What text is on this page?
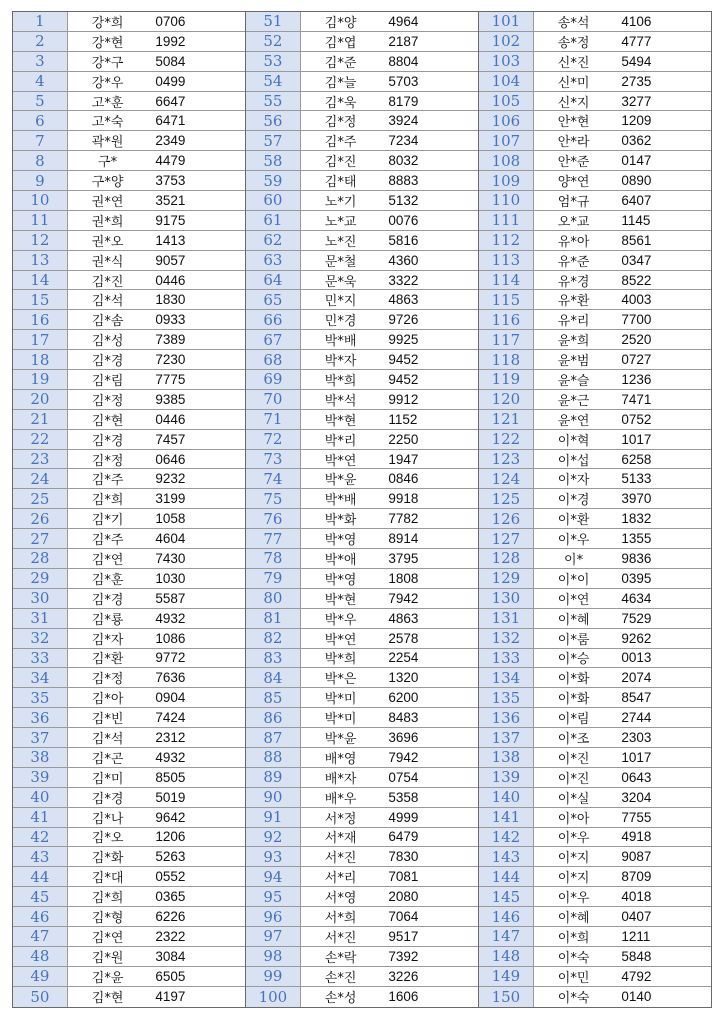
1	강*희	0706
2	강*현	1992
3	강*구	5084
4	강*우	0499
5	고*훈	6647
6	고*숙	6471
7	곽*원	2349
8	구*	4479
9	구*양	3753
10	권*연	3521
11	권*희	9175
12	권*오	1413
13	권*식	9057
14	김*진	0446
15	김*석	1830
16	김*솜	0933
17	김*성	7389
18	김*경	7230
19	김*림	7775
20	김*정	9385
21	김*현	0446
22	김*경	7457
23	김*정	0646
24	김*주	9232
25	김*희	3199
26	김*기	1058
27	김*주	4604
28	김*연	7430
29	김*훈	1030
30	김*경	5587
31	김*룡	4932
32	김*자	1086
33	김*환	9772
34	김*정	7636
35	김*아	0904
36	김*빈	7424
37	김*석	2312
38	김*곤	4932
39	김*미	8505
40	김*경	5019
41	김*나	9642
42	김*오	1206
43	김*화	5263
44	김*대	0552
45	김*희	0365
46	김*형	6226
47	김*연	2322
48	김*원	3084
49	김*윤	6505
50	김*현	4197
51	김*양	4964
52	김*엽	2187
53	김*준	8804
54	김*늘	5703
55	김*욱	8179
56	김*정	3924
57	김*주	7234
58	김*진	8032
59	김*태	8883
60	노*기	5132
61	노*교	0076
62	노*진	5816
63	문*철	4360
64	문*욱	3322
65	민*지	4863
66	민*경	9726
67	박*배	9925
68	박*자	9452
69	박*희	9452
70	박*석	9912
71	박*현	1152
72	박*리	2250
73	박*연	1947
74	박*윤	0846
75	박*배	9918
76	박*화	7782
77	박*영	8914
78	박*애	3795
79	박*영	1808
80	박*현	7942
81	박*우	4863
82	박*연	2578
83	박*희	2254
84	박*은	1320
85	박*미	6200
86	박*미	8483
87	박*윤	3696
88	배*영	7942
89	배*자	0754
90	배*우	5358
91	서*정	4999
92	서*재	6479
93	서*진	7830
94	서*리	7081
95	서*영	2080
96	서*희	7064
97	서*진	9517
98	손*락	7392
99	손*진	3226
100	손*성	1606
101	송*석	4106
102	송*정	4777
103	신*진	5494
104	신*미	2735
105	신*지	3277
106	안*현	1209
107	안*라	0362
108	안*준	0147
109	양*연	0890
110	엄*규	6407
111	오*교	1145
112	유*아	8561
113	유*준	0347
114	유*경	8522
115	유*환	4003
116	유*리	7700
117	윤*희	2520
118	윤*범	0727
119	윤*슬	1236
120	윤*근	7471
121	윤*연	0752
122	이*혁	1017
123	이*섭	6258
124	이*자	5133
125	이*경	3970
126	이*환	1832
127	이*우	1355
128	이*	9836
129	이*이	0395
130	이*연	4634
131	이*혜	7529
132	이*룸	9262
133	이*승	0013
134	이*화	2074
135	이*화	8547
136	이*림	2744
137	이*조	2303
138	이*진	1017
139	이*진	0643
140	이*실	3204
141	이*아	7755
142	이*우	4918
143	이*지	9087
144	이*지	8709
145	이*우	4018
146	이*혜	0407
147	이*희	1211
148	이*숙	5848
149	이*민	4792
150	이*숙	0140
